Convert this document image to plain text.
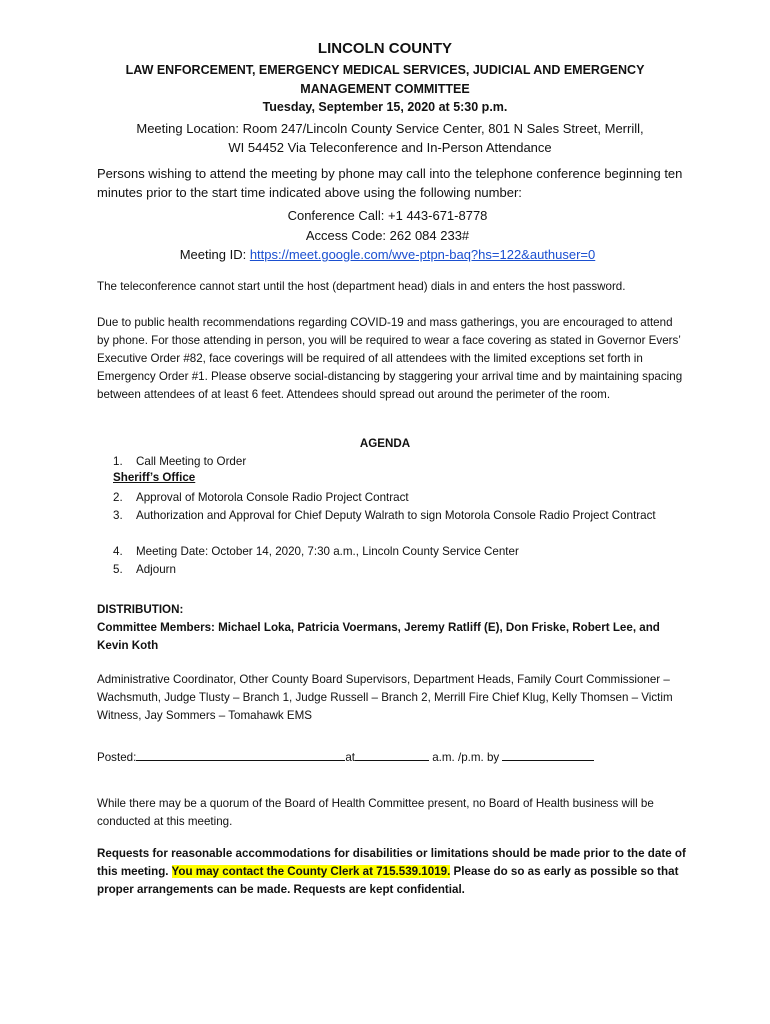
LINCOLN COUNTY
LAW ENFORCEMENT, EMERGENCY MEDICAL SERVICES, JUDICIAL AND EMERGENCY
MANAGEMENT COMMITTEE
Tuesday, September 15, 2020 at 5:30 p.m.
Meeting Location: Room 247/Lincoln County Service Center, 801 N Sales Street, Merrill,
WI 54452 Via Teleconference and In-Person Attendance
Persons wishing to attend the meeting by phone may call into the telephone conference beginning ten minutes prior to the start time indicated above using the following number:
Conference Call: +1 443-671-8778
Access Code: 262 084 233#
Meeting ID: https://meet.google.com/wve-ptpn-baq?hs=122&authuser=0
The teleconference cannot start until the host (department head) dials in and enters the host password.
Due to public health recommendations regarding COVID-19 and mass gatherings, you are encouraged to attend by phone. For those attending in person, you will be required to wear a face covering as stated in Governor Evers’ Executive Order #82, face coverings will be required of all attendees with the limited exceptions set forth in Emergency Order #1. Please observe social-distancing by staggering your arrival time and by maintaining spacing between attendees of at least 6 feet. Attendees should spread out around the perimeter of the room.
AGENDA
1.	Call Meeting to Order
Sheriff’s Office
2.	Approval of Motorola Console Radio Project Contract
3.	Authorization and Approval for Chief Deputy Walrath to sign Motorola Console Radio Project Contract
4.	Meeting Date: October 14, 2020, 7:30 a.m., Lincoln County Service Center
5.	Adjourn
DISTRIBUTION:
Committee Members: Michael Loka, Patricia Voermans, Jeremy Ratliff (E), Don Friske, Robert Lee, and Kevin Koth
Administrative Coordinator, Other County Board Supervisors, Department Heads, Family Court Commissioner – Wachsmuth, Judge Tlusty – Branch 1, Judge Russell – Branch 2, Merrill Fire Chief Klug, Kelly Thomsen – Victim Witness, Jay Sommers – Tomahawk EMS
Posted:	at	a.m. /p.m. by
While there may be a quorum of the Board of Health Committee present, no Board of Health business will be conducted at this meeting.
Requests for reasonable accommodations for disabilities or limitations should be made prior to the date of this meeting. You may contact the County Clerk at 715.539.1019. Please do so as early as possible so that proper arrangements can be made. Requests are kept confidential.
